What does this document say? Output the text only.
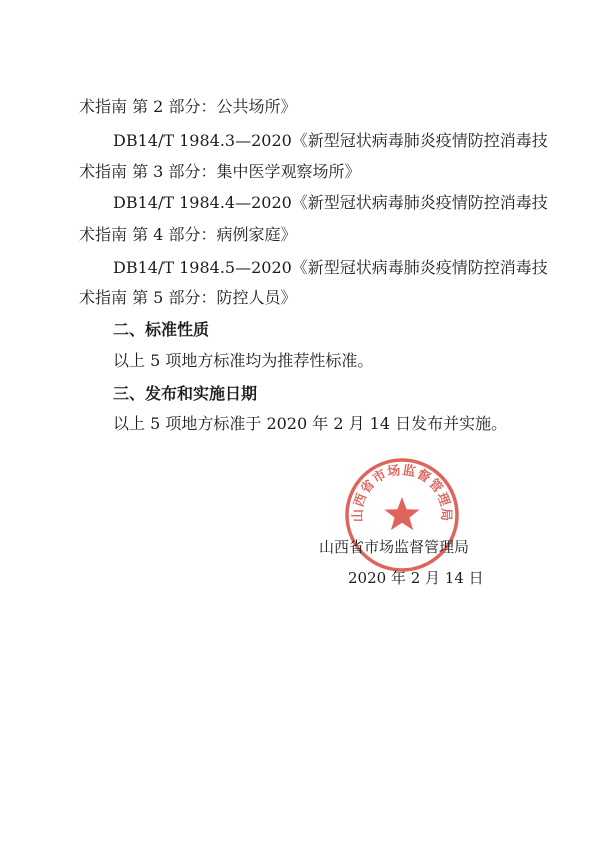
术指南 第 2 部分：公共场所》
DB14/T 1984.3—2020《新型冠状病毒肺炎疫情防控消毒技
术指南 第 3 部分：集中医学观察场所》
DB14/T 1984.4—2020《新型冠状病毒肺炎疫情防控消毒技
术指南 第 4 部分：病例家庭》
DB14/T 1984.5—2020《新型冠状病毒肺炎疫情防控消毒技
术指南 第 5 部分：防控人员》
二、标准性质
以上 5 项地方标准均为推荐性标准。
三、发布和实施日期
以上 5 项地方标准于 2020 年 2 月 14 日发布并实施。
山西省市场监督管理局
山西省市场监督管理局
2020 年 2 月 14 日
